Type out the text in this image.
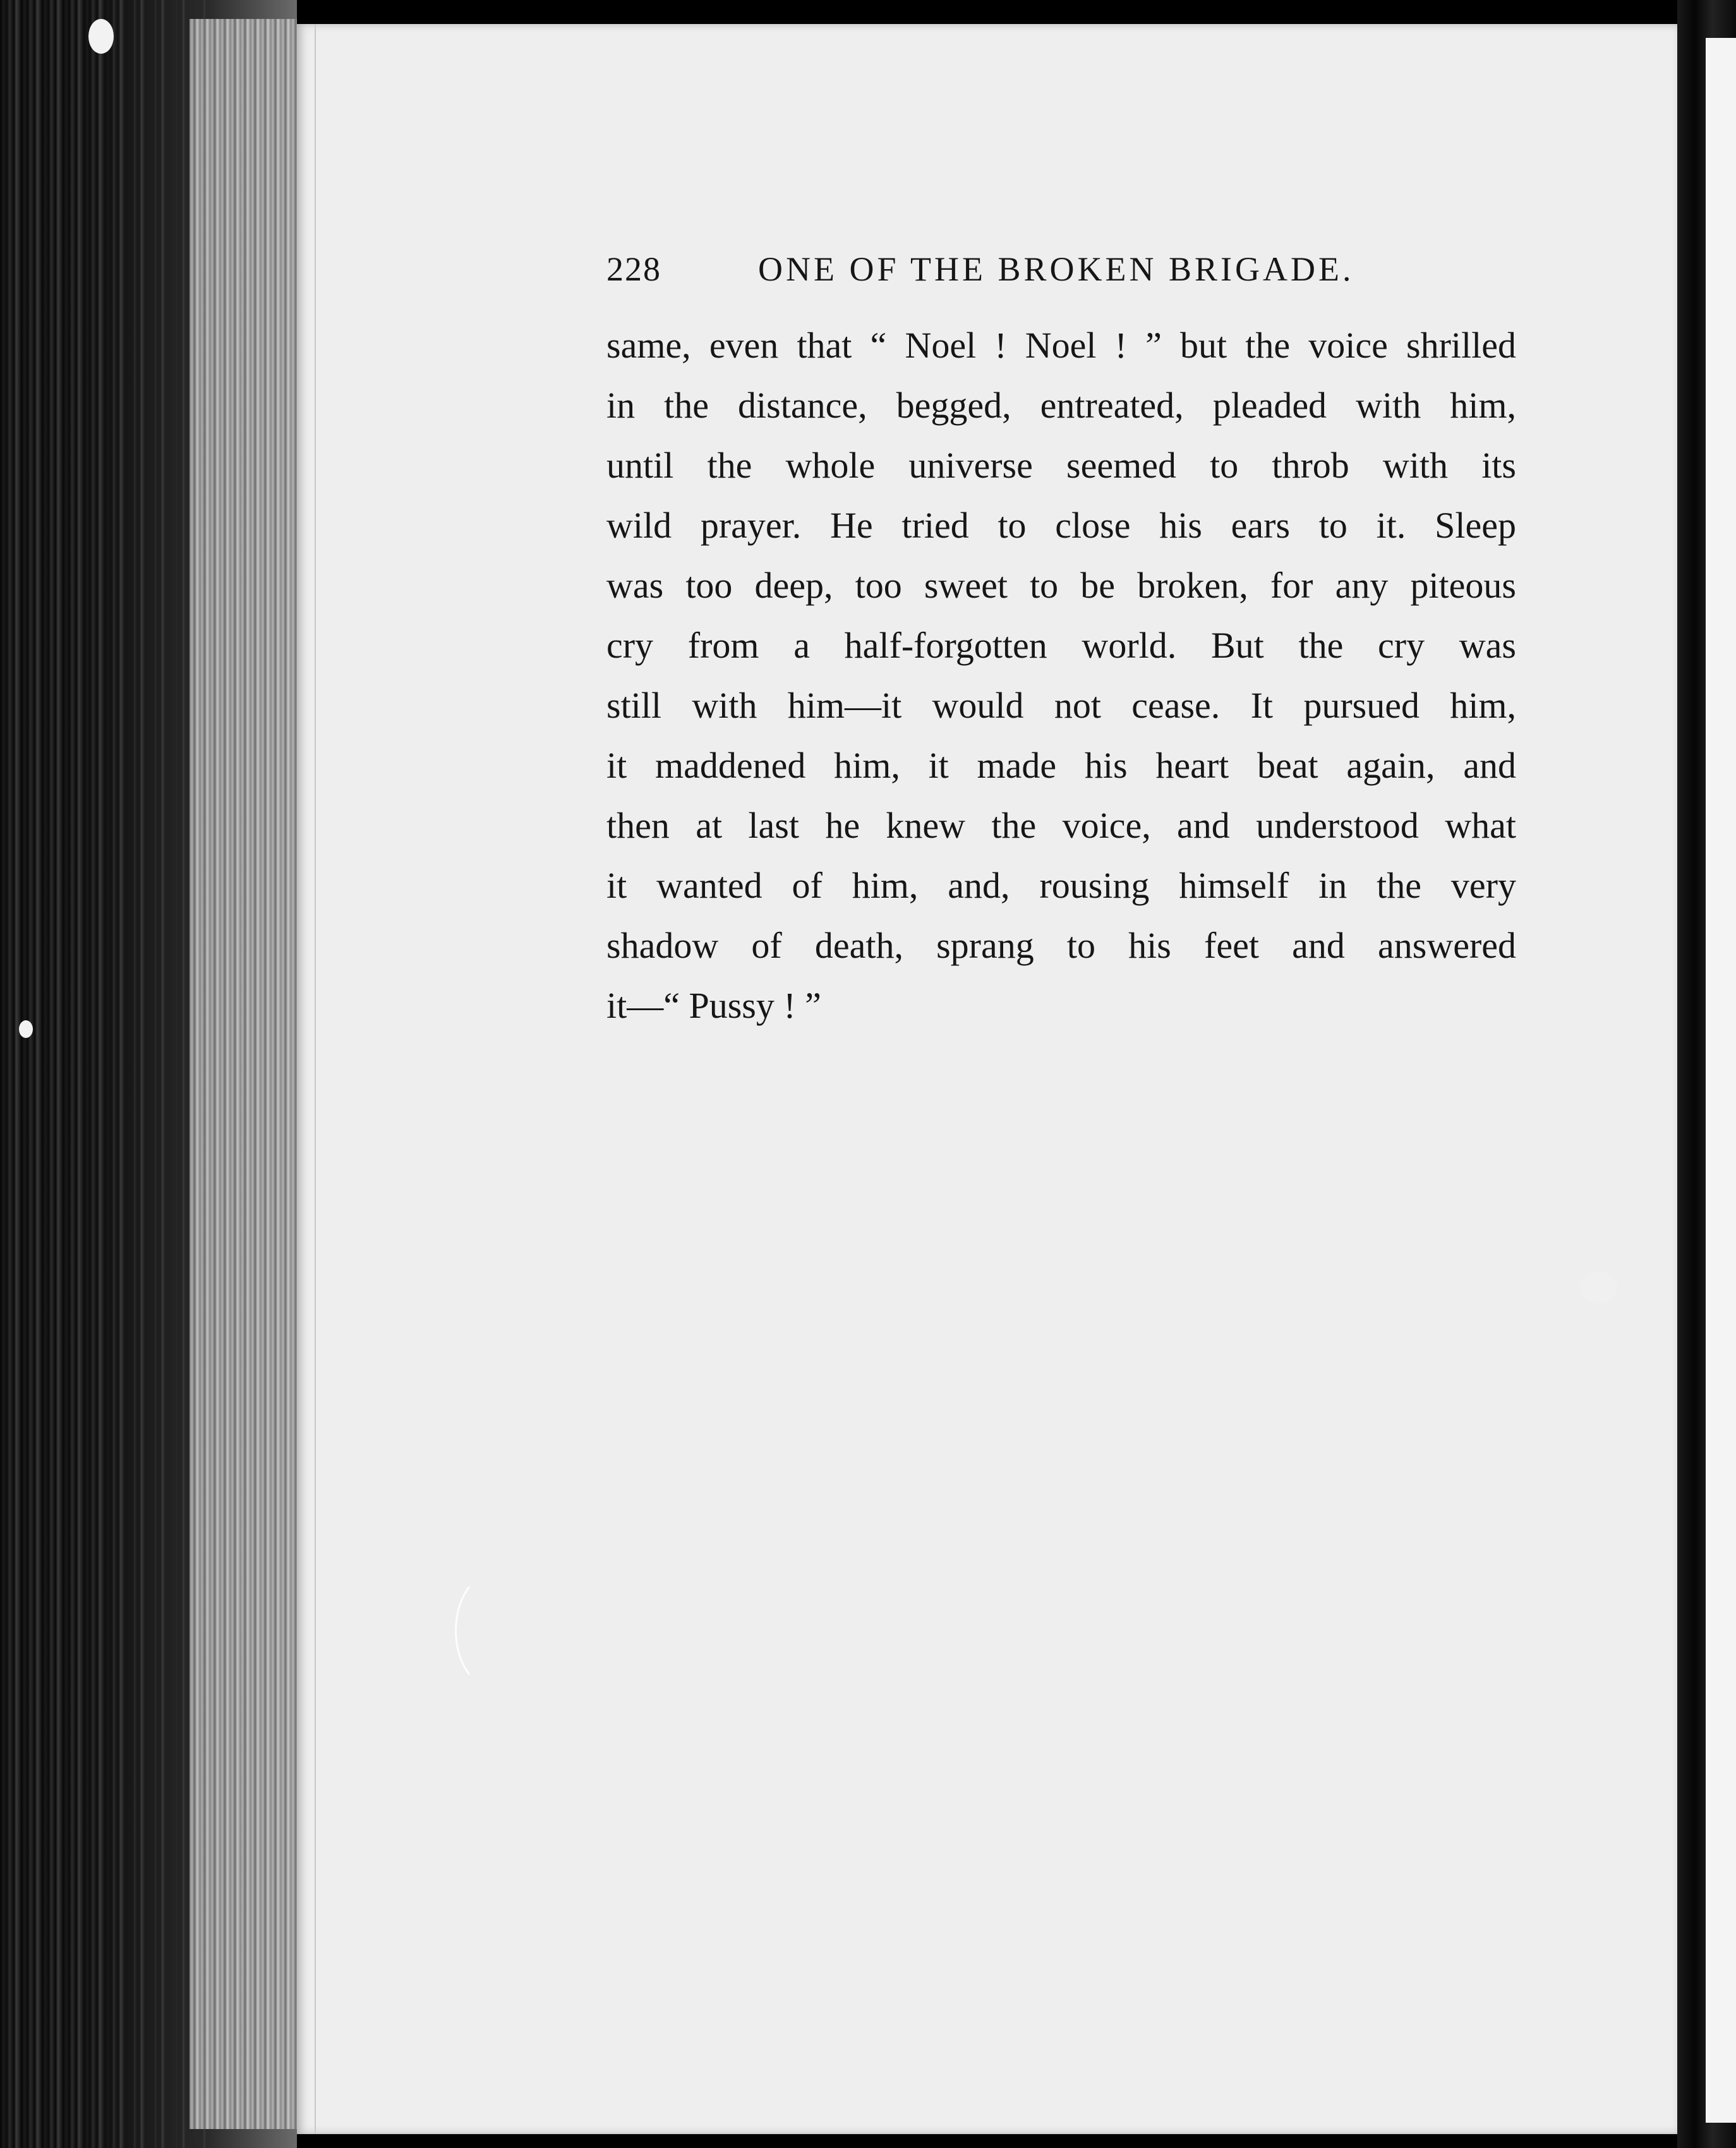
228	ONE OF THE BROKEN BRIGADE.
same, even that “ Noel ! Noel ! ” but the voice shrilled
in the distance, begged, entreated, pleaded with him,
until the whole universe seemed to throb with its
wild prayer. He tried to close his ears to it. Sleep
was too deep, too sweet to be broken, for any piteous
cry from a half-forgotten world. But the cry was
still with him—it would not cease. It pursued him,
it maddened him, it made his heart beat again, and
then at last he knew the voice, and understood what
it wanted of him, and, rousing himself in the very
shadow of death, sprang to his feet and answered
it—“ Pussy ! ”
